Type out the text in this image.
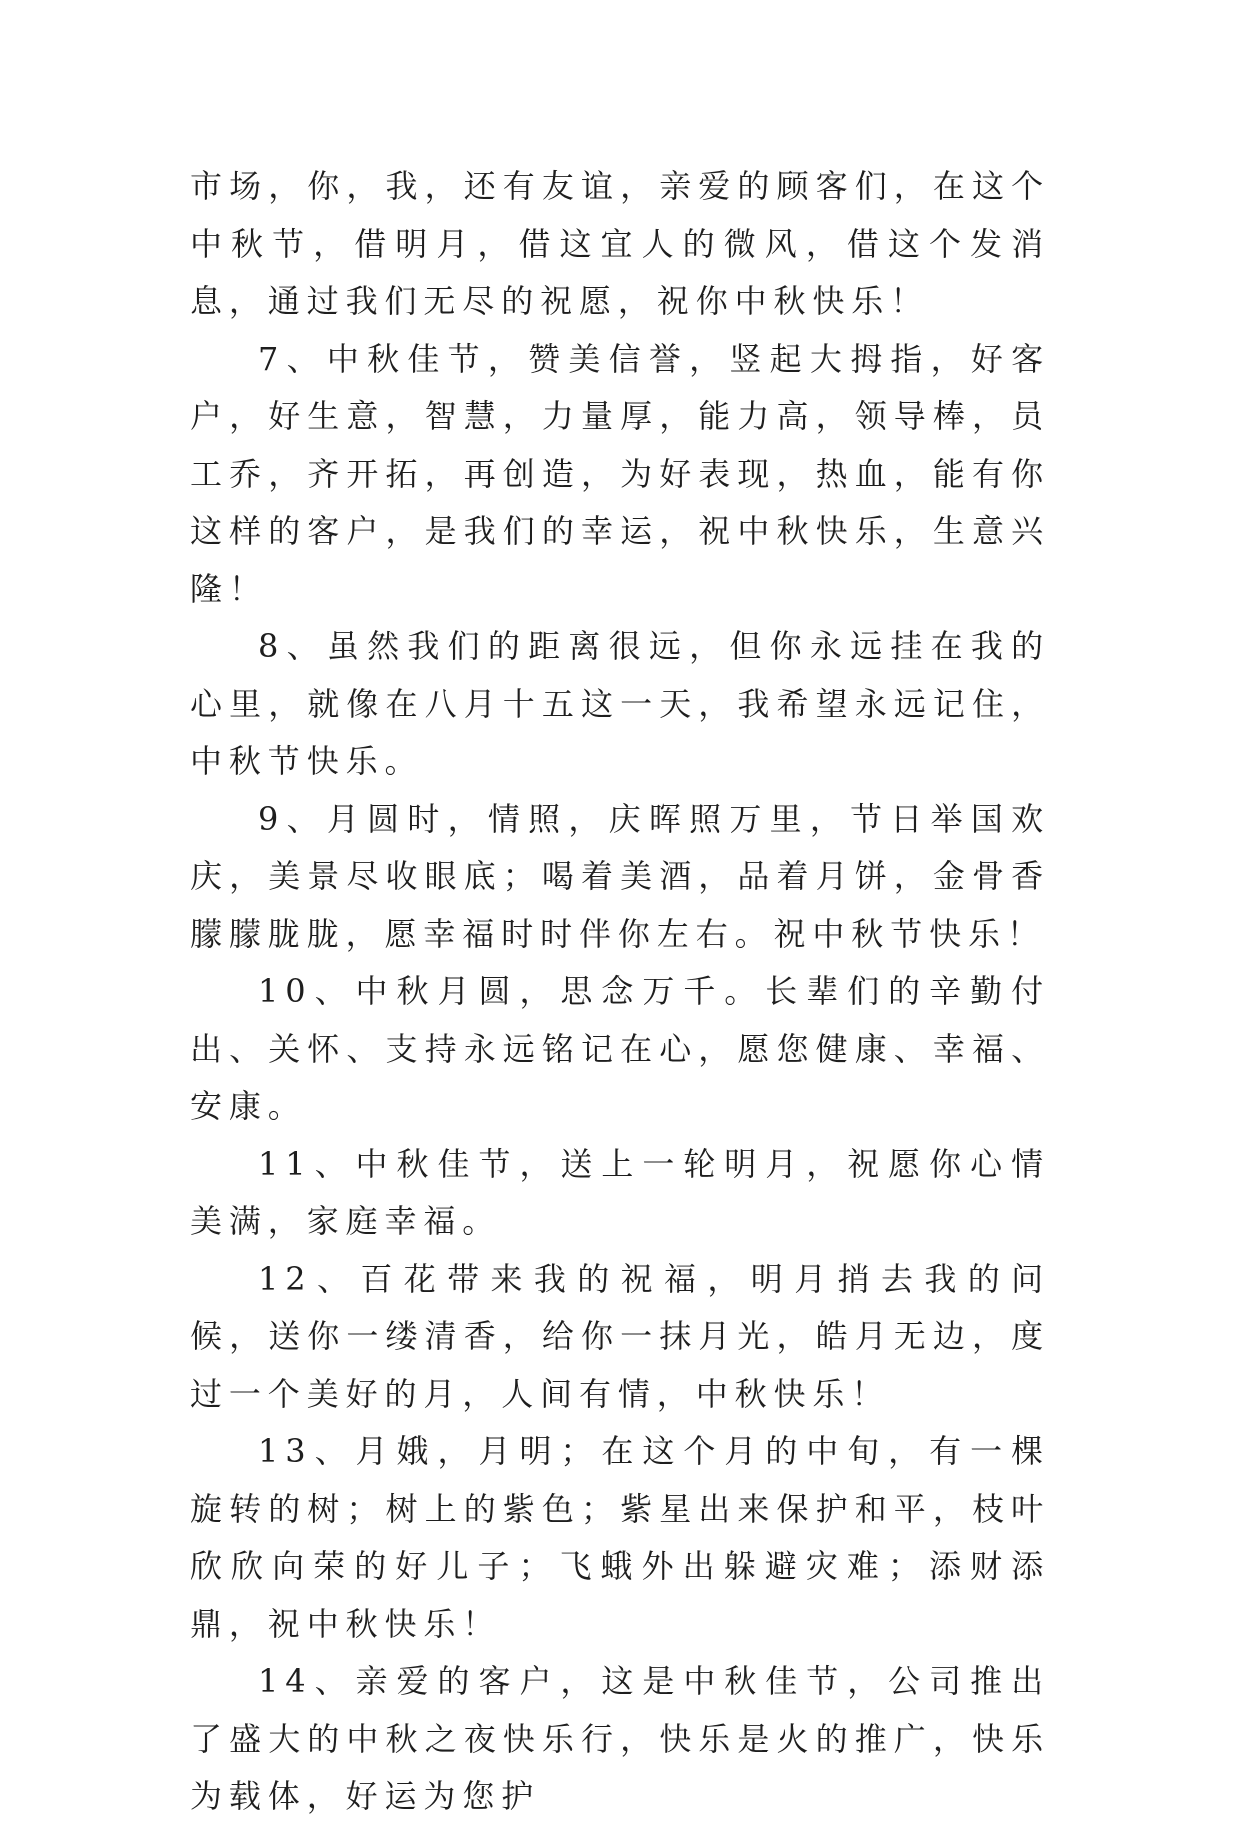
市场，你，我，还有友谊，亲爱的顾客们，在这个中秋节，借明月，借这宜人的微风，借这个发消息，通过我们无尽的祝愿，祝你中秋快乐！

7、中秋佳节，赞美信誉，竖起大拇指，好客户，好生意，智慧，力量厚，能力高，领导棒，员工乔，齐开拓，再创造，为好表现，热血，能有你这样的客户，是我们的幸运，祝中秋快乐，生意兴隆！

8、虽然我们的距离很远，但你永远挂在我的心里，就像在八月十五这一天，我希望永远记住，中秋节快乐。

9、月圆时，情照，庆晖照万里，节日举国欢庆，美景尽收眼底；喝着美酒，品着月饼，金骨香朦朦胧胧，愿幸福时时伴你左右。祝中秋节快乐！

10、中秋月圆，思念万千。长辈们的辛勤付出、关怀、支持永远铭记在心，愿您健康、幸福、安康。

11、中秋佳节，送上一轮明月，祝愿你心情美满，家庭幸福。

12、百花带来我的祝福，明月捎去我的问候，送你一缕清香，给你一抹月光，皓月无边，度过一个美好的月，人间有情，中秋快乐！

13、月娥，月明；在这个月的中旬，有一棵旋转的树；树上的紫色；紫星出来保护和平，枝叶欣欣向荣的好儿子；飞蛾外出躲避灾难；添财添鼎，祝中秋快乐！

14、亲爱的客户，这是中秋佳节，公司推出了盛大的中秋之夜快乐行，快乐是火的推广，快乐为载体，好运为您护
